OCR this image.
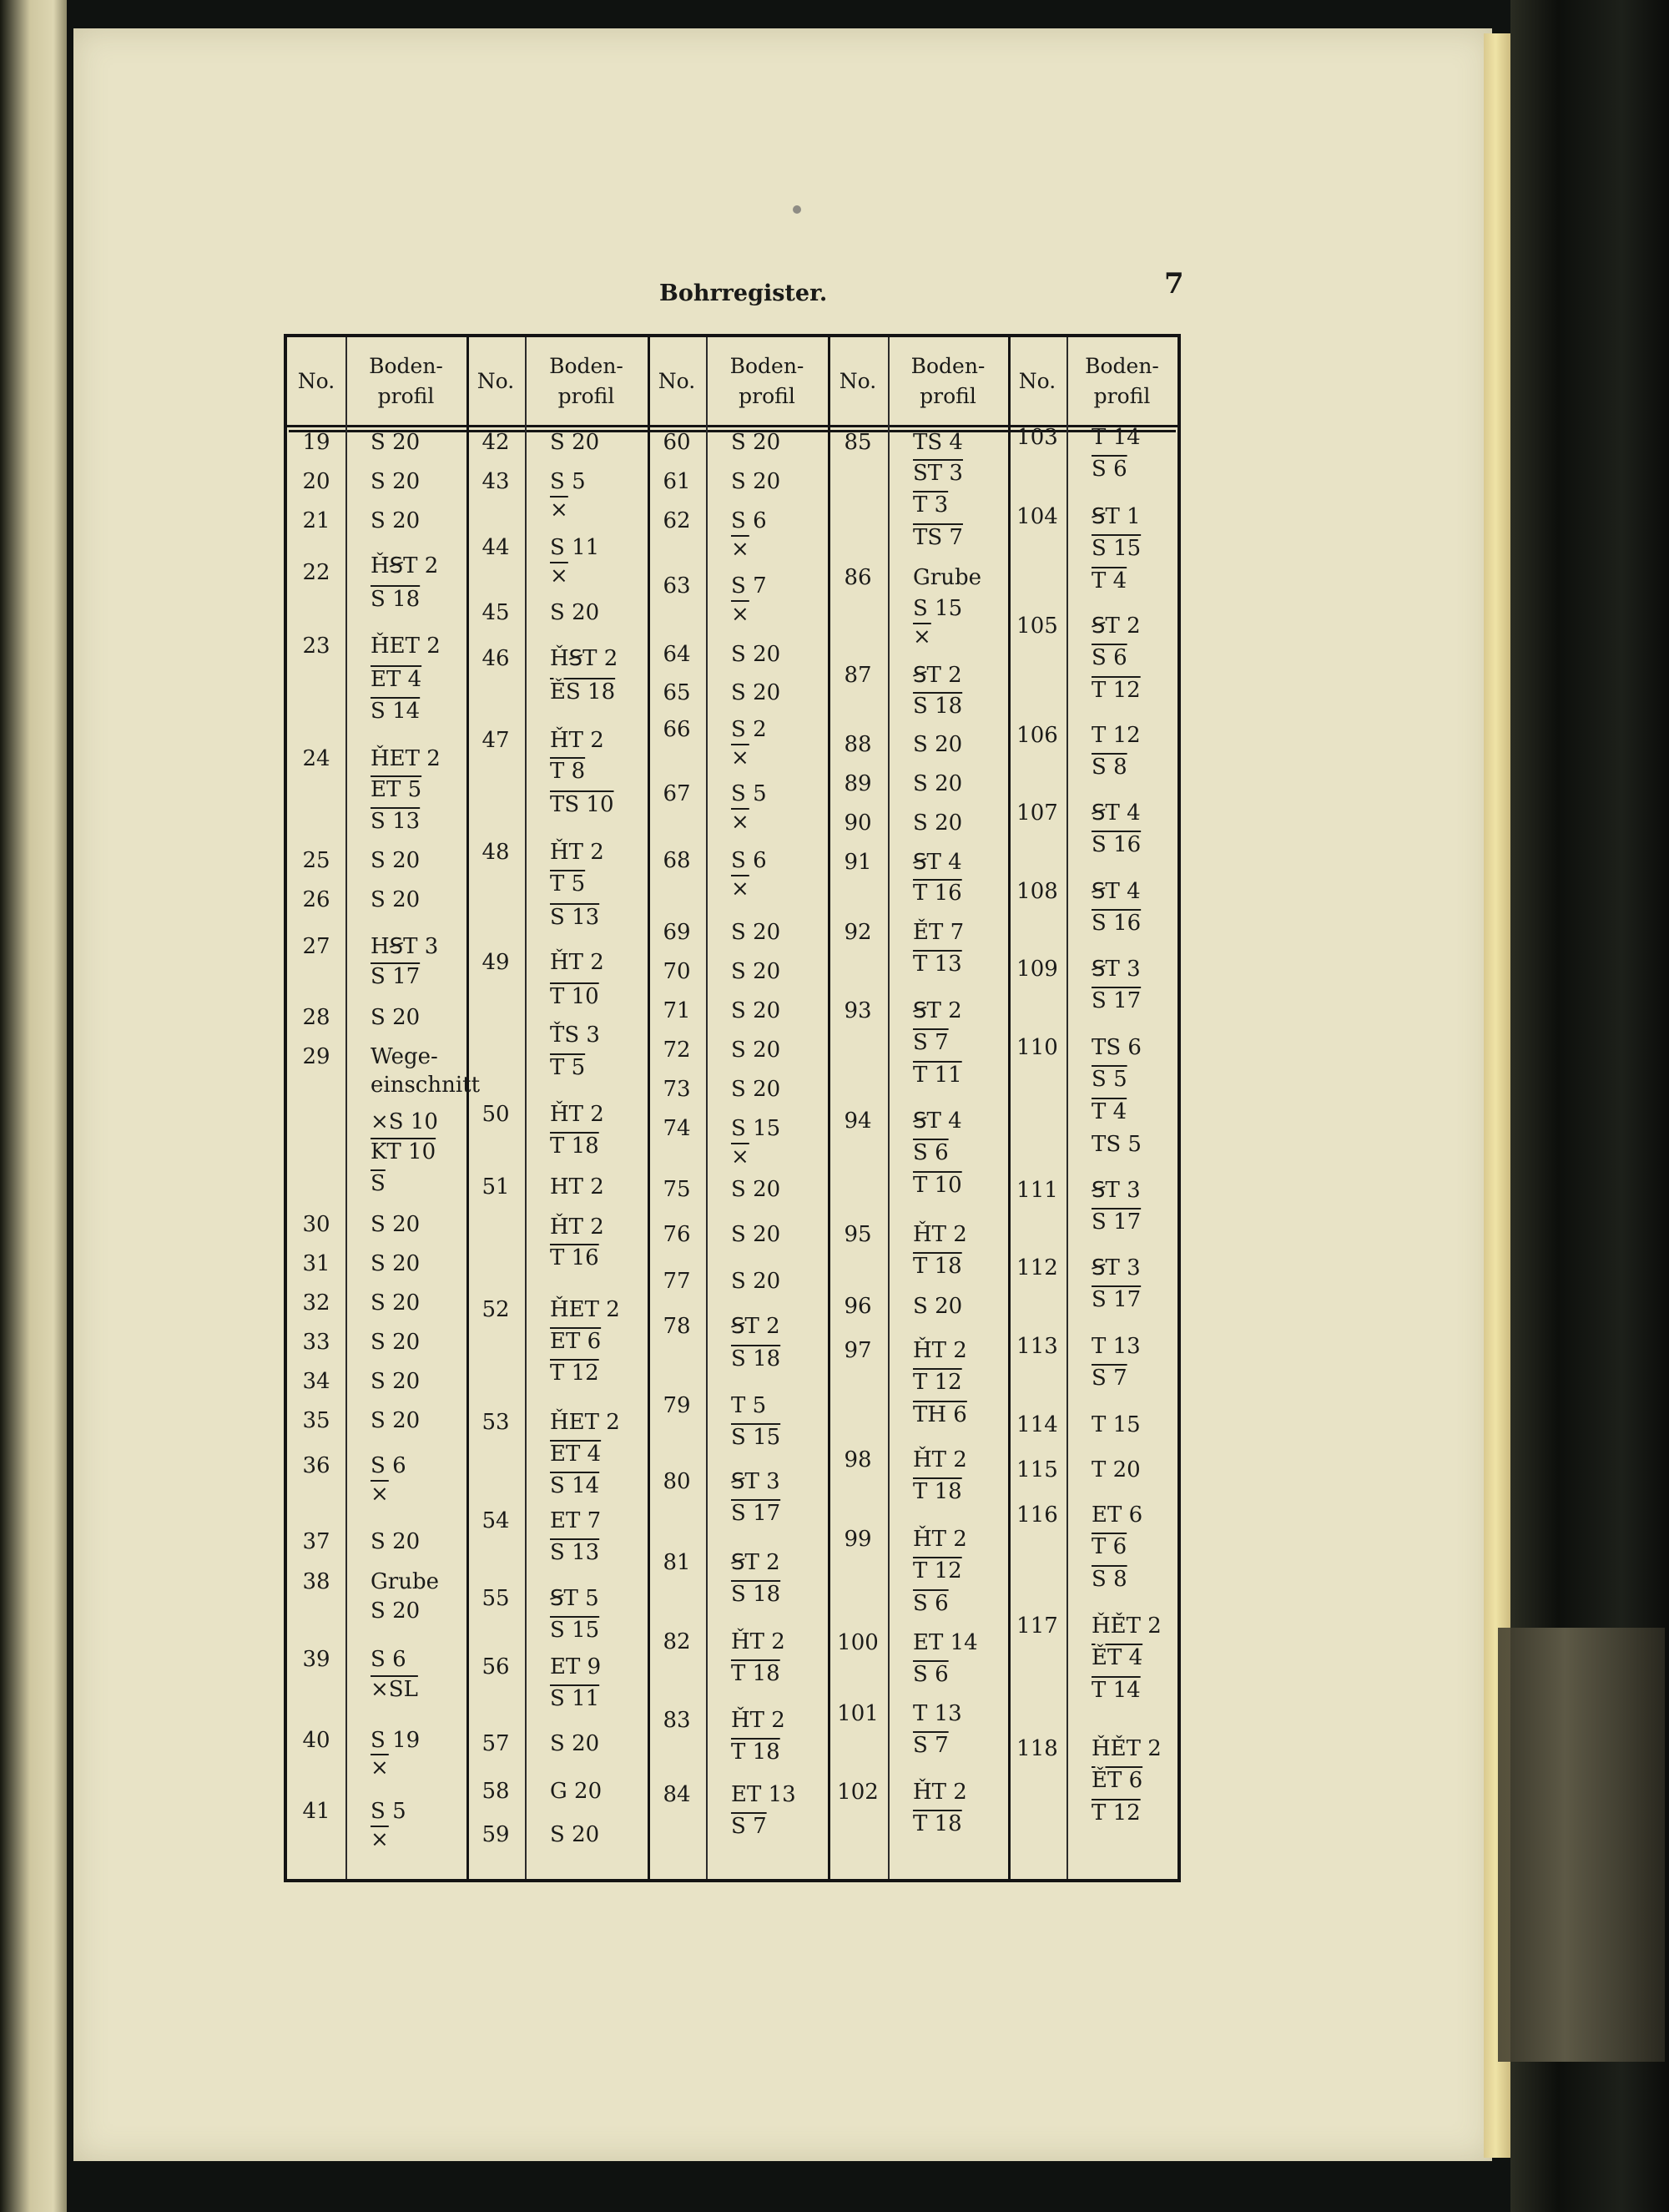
Bohrregister.	7
No.
Boden-
profil
No.
Boden-
profil
No.
Boden-
profil
No.
Boden-
profil
No.
Boden-
profil
19
20
21
22
23
24
25
26
27
28
29
30
31
32
33
34
35
36
37
38
39
40
41
S 20
S 20
S 20
ȞꞨT 2
S 18
ȞET 2
ET 4
S 14
ȞET 2
ET 5
S 13
S 20
S 20
HꞨT 3
S 17
S 20
Wege-
einschnitt
×S 10
KT 10
$\overline{S}$
S 20
S 20
S 20
S 20
S 20
S 20
S 6
×
S 20
Grube
S 20
S 6
×SL
S 19
×
S 5
×
42
43
44
45
46
47
48
49
50
51
52
53
54
55
56
57
58
59
S 20
S 5
×
S 11
×
S 20
ȞꞨT 2
ĚS 18
ȞT 2
T 8
TS 10
ȞT 2
T 5
S 13
ȞT 2
T 10
ŤS 3
T 5
ȞT 2
T 18
HT 2
ȞT 2
T 16
ȞET 2
ET 6
T 12
ȞET 2
ET 4
S 14
ET 7
S 13
ꞨT 5
S 15
ET 9
S 11
S 20
G 20
S 20
60
61
62
63
64
65
66
67
68
69
70
71
72
73
74
75
76
77
78
79
80
81
82
83
84
S 20
S 20
S 6
×
S 7
×
S 20
S 20
S 2
×
S 5
×
S 6
×
S 20
S 20
S 20
S 20
S 20
S 15
×
S 20
S 20
S 20
ꞨT 2
S 18
T 5
S 15
ꞨT 3
S 17
ꞨT 2
S 18
ȞT 2
T 18
ȞT 2
T 18
ET 13
S 7
85
86
87
88
89
90
91
92
93
94
95
96
97
98
99
100
101
102
TS 4
ST 3
T 3
TS 7
Grube
S 15
×
ꞨT 2
S 18
S 20
S 20
S 20
ꞨT 4
T 16
ĚT 7
T 13
ꞨT 2
S 7
T 11
ꞨT 4
S 6
T 10
ȞT 2
T 18
S 20
ȞT 2
T 12
TH 6
ȞT 2
T 18
ȞT 2
T 12
S 6
ET 14
S 6
T 13
S 7
ȞT 2
T 18
103
104
105
106
107
108
109
110
111
112
113
114
115
116
117
118
T 14
S 6
ꞨT 1
S 15
T 4
ꞨT 2
S 6
T 12
T 12
S 8
ꞨT 4
S 16
ꞨT 4
S 16
ꞨT 3
S 17
TS 6
S 5
T 4
TS 5
ꞨT 3
S 17
ꞨT 3
S 17
T 13
S 7
T 15
T 20
ET 6
T 6
S 8
ȞĚT 2
ĚT 4
T 14
ȞĚT 2
ĚT 6
T 12
